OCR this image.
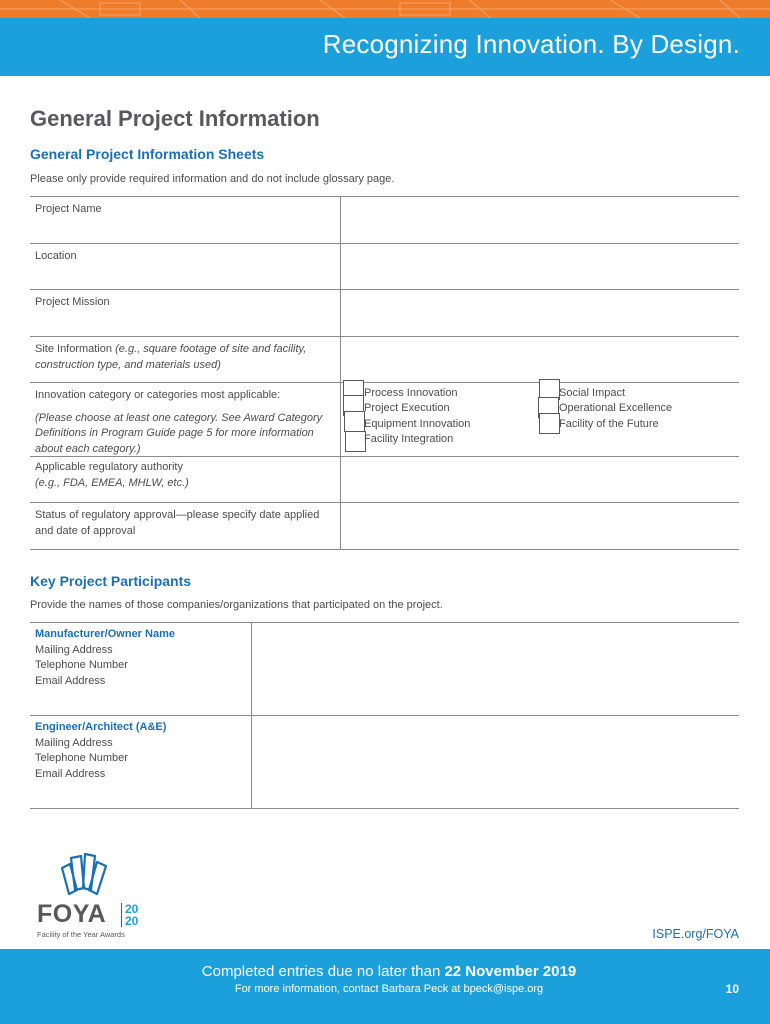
Recognizing Innovation. By Design.
General Project Information
General Project Information Sheets
Please only provide required information and do not include glossary page.
Project Name
Location
Project Mission
Site Information (e.g., square footage of site and facility, construction type, and materials used)
Innovation category or categories most applicable:
(Please choose at least one category. See Award Category Definitions in Program Guide page 5 for more information about each category.)
Process Innovation
Project Execution
Equipment Innovation
Facility Integration
Social Impact
Operational Excellence
Facility of the Future
Applicable regulatory authority
(e.g., FDA, EMEA, MHLW, etc.)
Status of regulatory approval—please specify date applied and date of approval
Key Project Participants
Provide the names of those companies/organizations that participated on the project.
Manufacturer/Owner Name
Mailing Address
Telephone Number
Email Address
Engineer/Architect (A&E)
Mailing Address
Telephone Number
Email Address
FOYA 20
20
Facility of the Year Awards	ISPE.org/FOYA
Completed entries due no later than 22 November 2019
For more information, contact Barbara Peck at bpeck@ispe.org	10
